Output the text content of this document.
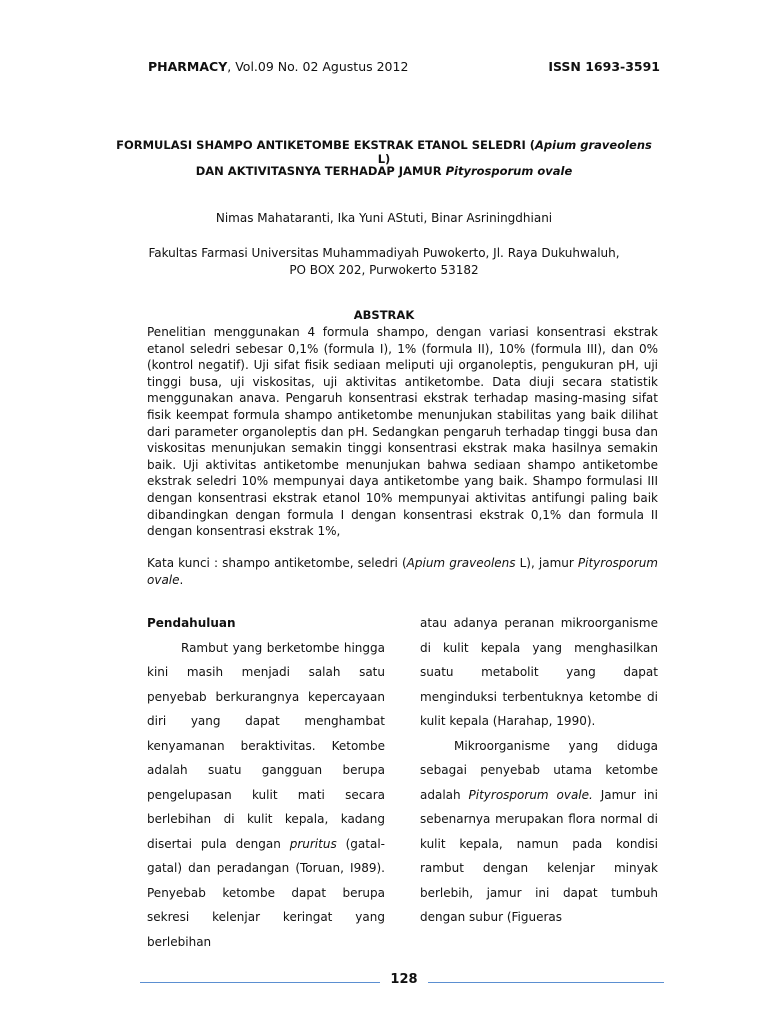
PHARMACY, Vol.09 No. 02 Agustus 2012	ISSN 1693-3591
FORMULASI SHAMPO ANTIKETOMBE EKSTRAK ETANOL SELEDRI (Apium graveolens L)
DAN AKTIVITASNYA TERHADAP JAMUR Pityrosporum ovale
Nimas Mahataranti, Ika Yuni AStuti, Binar Asriningdhiani
Fakultas Farmasi Universitas Muhammadiyah Puwokerto, Jl. Raya Dukuhwaluh,
PO BOX 202, Purwokerto 53182
ABSTRAK
Penelitian menggunakan 4 formula shampo, dengan variasi konsentrasi ekstrak etanol seledri sebesar 0,1% (formula I), 1% (formula II), 10% (formula III), dan 0% (kontrol negatif). Uji sifat fisik sediaan meliputi uji organoleptis, pengukuran pH, uji tinggi busa, uji viskositas, uji aktivitas antiketombe. Data diuji secara statistik menggunakan anava. Pengaruh konsentrasi ekstrak terhadap masing-masing sifat fisik keempat formula shampo antiketombe menunjukan stabilitas yang baik dilihat dari parameter organoleptis dan pH. Sedangkan pengaruh terhadap tinggi busa dan viskositas menunjukan semakin tinggi konsentrasi ekstrak maka hasilnya semakin baik. Uji aktivitas antiketombe menunjukan bahwa sediaan shampo antiketombe ekstrak seledri 10% mempunyai daya antiketombe yang baik. Shampo formulasi III dengan konsentrasi ekstrak etanol 10% mempunyai aktivitas antifungi paling baik dibandingkan dengan formula I dengan konsentrasi ekstrak 0,1% dan formula II dengan konsentrasi ekstrak 1%,
Kata kunci : shampo antiketombe, seledri (Apium graveolens L), jamur Pityrosporum ovale.

Pendahuluan

Rambut yang berketombe hingga kini masih menjadi salah satu penyebab berkurangnya kepercayaan diri yang dapat menghambat kenyamanan beraktivitas. Ketombe adalah suatu gangguan berupa pengelupasan kulit mati secara berlebihan di kulit kepala, kadang disertai pula dengan pruritus (gatal-gatal) dan peradangan (Toruan, I989). Penyebab ketombe dapat berupa sekresi kelenjar keringat yang berlebihan

atau adanya peranan mikroorganisme di kulit kepala yang menghasilkan suatu metabolit yang dapat menginduksi terbentuknya ketombe di kulit kepala (Harahap, 1990).

Mikroorganisme yang diduga sebagai penyebab utama ketombe adalah Pityrosporum ovale. Jamur ini sebenarnya merupakan flora normal di kulit kepala, namun pada kondisi rambut dengan kelenjar minyak berlebih, jamur ini dapat tumbuh dengan subur (Figueras

128
